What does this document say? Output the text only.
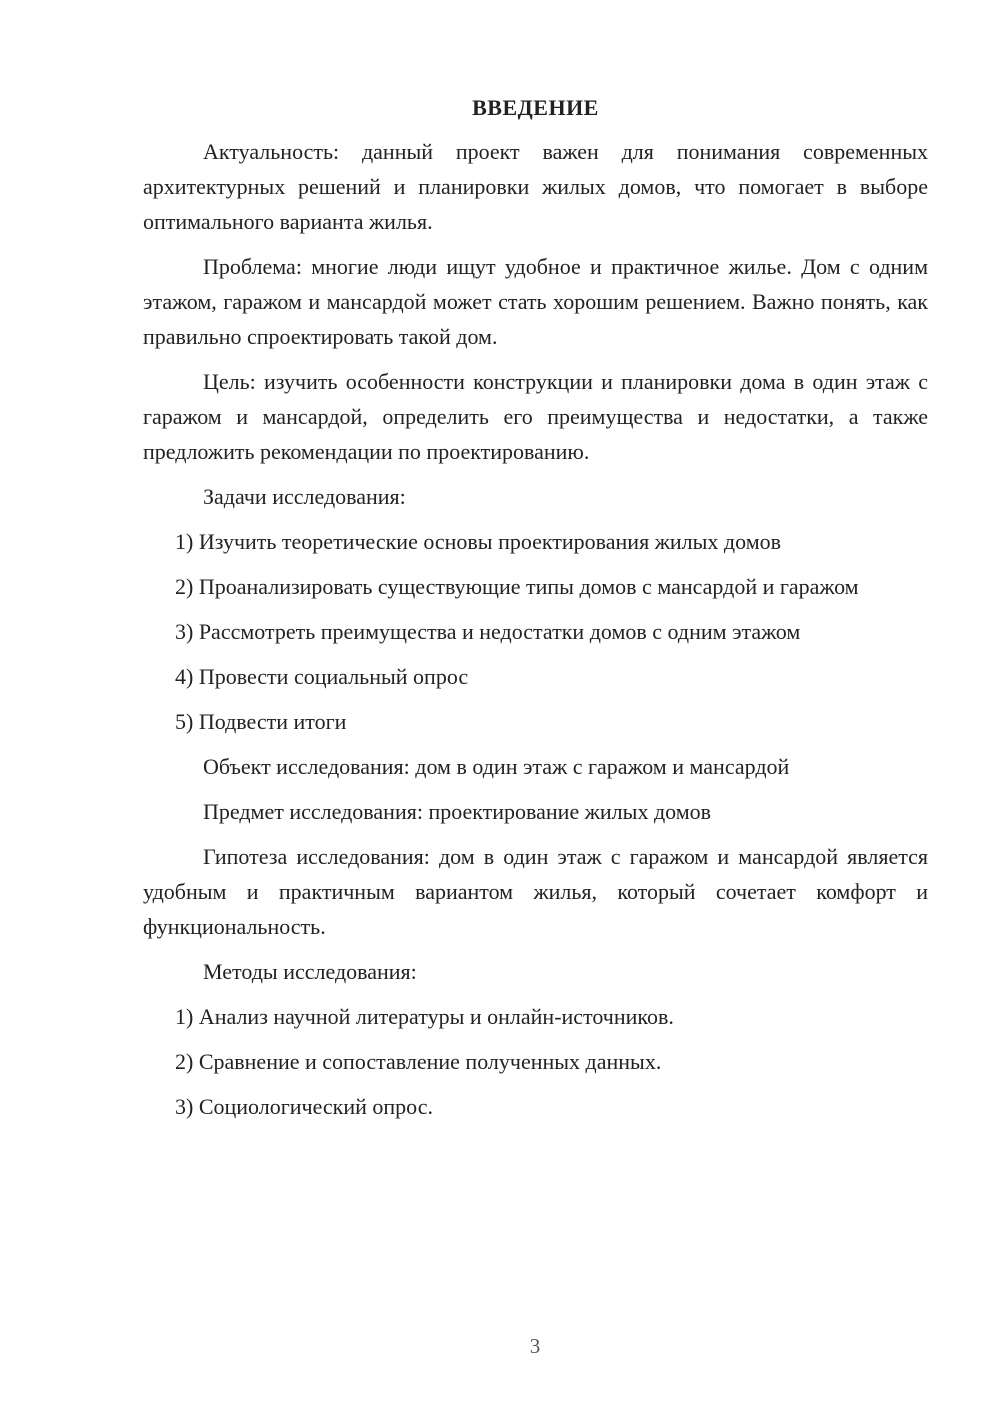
ВВЕДЕНИЕ

Актуальность: данный проект важен для понимания современных архитектурных решений и планировки жилых домов, что помогает в выборе оптимального варианта жилья.

Проблема: многие люди ищут удобное и практичное жилье. Дом с одним этажом, гаражом и мансардой может стать хорошим решением. Важно понять, как правильно спроектировать такой дом.

Цель: изучить особенности конструкции и планировки дома в один этаж с гаражом и мансардой, определить его преимущества и недостатки, а также предложить рекомендации по проектированию.

Задачи исследования:

1) Изучить теоретические основы проектирования жилых домов

2) Проанализировать существующие типы домов с мансардой и гаражом

3) Рассмотреть преимущества и недостатки домов с одним этажом

4) Провести социальный опрос

5) Подвести итоги

Объект исследования: дом в один этаж с гаражом и мансардой

Предмет исследования: проектирование жилых домов

Гипотеза исследования: дом в один этаж с гаражом и мансардой является удобным и практичным вариантом жилья, который сочетает комфорт и функциональность.

Методы исследования:

1) Анализ научной литературы и онлайн-источников.

2) Сравнение и сопоставление полученных данных.

3) Социологический опрос.

3
